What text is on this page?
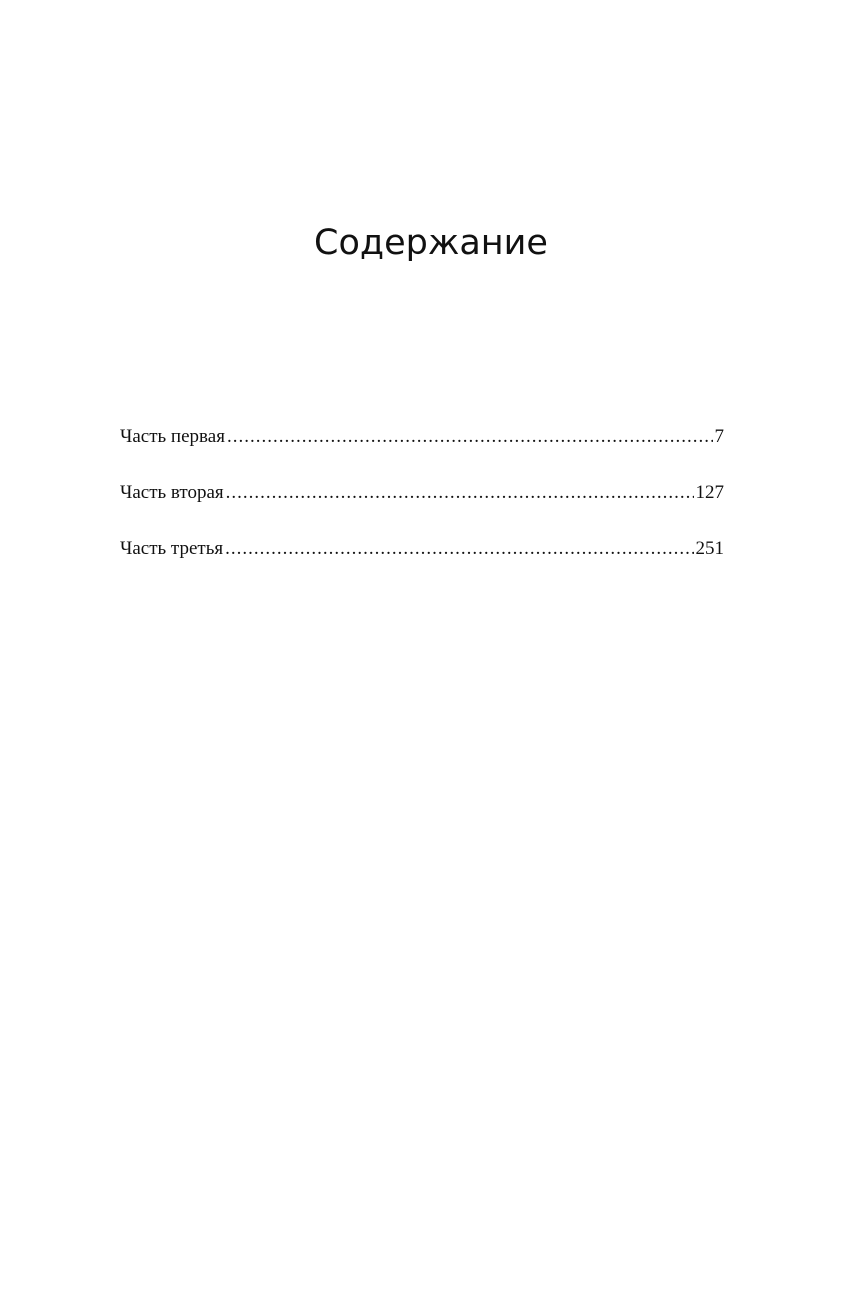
Содержание
Часть первая .....	7
Часть вторая .....	127
Часть третья .....	251
